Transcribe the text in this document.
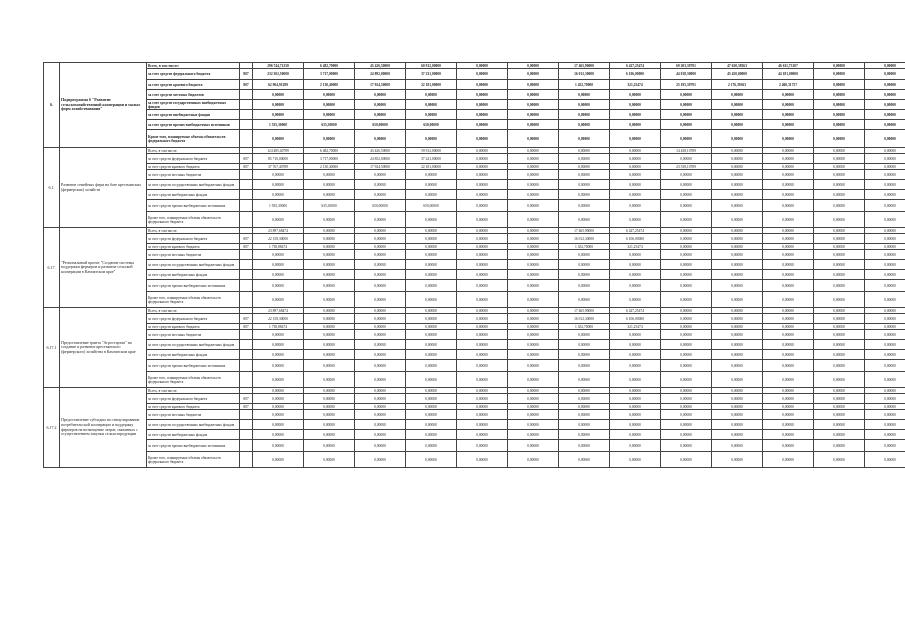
6.	Подпрограмма 6 "Развитие сельскохозяйственной кооперации и малых форм хозяйствования"	Всего, в том числе:		296 744,71250	6 482,70000	45 426,50000	60 912,00000	0,00000	0,00000	17 465,90000	6 427,25474	69 203,39791	47 630,38363	46 611,73107	0,00000	0,00000
		за счет средств федерального бюджета	807	232 302,50000	3 717,00000	24 892,00000	37 231,00000	0,00000	0,00000	16 012,30000	6 106,00000	44 018,30000	45 450,00000	44 181,00000	0,00000	0,00000
		за счет средств краевого бюджета	807	62 904,91289	2 130,40000	17 924,50000	22 181,00000	0,00000	0,00000	1 452,70000	321,25474	25 195,39791	2 176,39363	2 460,31757	0,00000	0,00000
		за счет средств местных бюджетов		0,00000	0,00000	0,00000	0,00000	0,00000	0,00000	0,00000	0,00000	0,00000	0,00000	0,00000	0,00000	0,00000
		за счет средств государственных внебюджетных фондов		0,00000	0,00000	0,00000	0,00000	0,00000	0,00000	0,00000	0,00000	0,00000	0,00000	0,00000	0,00000	0,00000
		за счет средств внебюджетных фондов		0,00000	0,00000	0,00000	0,00000	0,00000	0,00000	0,00000	0,00000	0,00000	0,00000	0,00000	0,00000	0,00000
		за счет средств прочих внебюджетных источников		1 535,30000	635,30000	650,00000	650,00000	0,00000	0,00000	0,00000	0,00000	0,00000	0,00000	0,00000	0,00000	0,00000
		Кроме того, планируемые объемы обязательств федерального бюджета		0,00000	0,00000	0,00000	0,00000	0,00000	0,00000	0,00000	0,00000	0,00000	0,00000	0,00000	0,00000	0,00000
6.1.	Развитие семейных ферм на базе крестьянских (фермерских) хозяйств	Всего, в том числе:		124 485,40789	6 482,70000	43 426,50000	59 912,00000	0,00000	0,00000	0,00000	0,00000	14 438,10789	0,00000	0,00000	0,00000	0,00000
		за счет средств федерального бюджета	807	85 710,00000	3 717,00000	24 852,00000	37 241,00000	0,00000	0,00000	0,00000	0,00000	0,00000	0,00000	0,00000	0,00000	0,00000
		за счет средств краевого бюджета	807	37 767,40789	2 130,40000	17 924,50000	22 181,00000	0,00000	0,00000	0,00000	0,00000	23 538,10789	0,00000	0,00000	0,00000	0,00000
		за счет средств местных бюджетов		0,00000	0,00000	0,00000	0,00000	0,00000	0,00000	0,00000	0,00000	0,00000	0,00000	0,00000	0,00000	0,00000
		за счет средств государственных внебюджетных фондов		0,00000	0,00000	0,00000	0,00000	0,00000	0,00000	0,00000	0,00000	0,00000	0,00000	0,00000	0,00000	0,00000
		за счет средств внебюджетных фондов		0,00000	0,00000	0,00000	0,00000	0,00000	0,00000	0,00000	0,00000	0,00000	0,00000	0,00000	0,00000	0,00000
		за счет средств прочих внебюджетных источников		1 935,30000	635,30000	650,00000	650,00000	0,00000	0,00000	0,00000	0,00000	0,00000	0,00000	0,00000	0,00000	0,00000
		Кроме того, планируемые объемы обязательств федерального бюджета		0,00000	0,00000	0,00000	0,00000	0,00000	0,00000	0,00000	0,00000	0,00000	0,00000	0,00000	0,00000	0,00000
6.17.	"Региональный проект "Создание системы поддержки фермеров и развитие сельской кооперации в Камчатском крае"	Всего, в том числе:		23 897,68474	0,00000	0,00000	0,00000	0,00000	0,00000	17 465,90000	6 427,25474	0,00000	0,00000	0,00000	0,00000	0,00000
		за счет средств федерального бюджета	807	22 158,30000	0,00000	0,00000	0,00000	0,00000	0,00000	16 012,30000	6 106,00000	0,00000	0,00000	0,00000	0,00000	0,00000
		за счет средств краевого бюджета	807	1 738,88474	0,00000	0,00000	0,00000	0,00000	0,00000	1 452,70000	321,25474	0,00000	0,00000	0,00000	0,00000	0,00000
		за счет средств местных бюджетов		0,00000	0,00000	0,00000	0,00000	0,00000	0,00000	0,00000	0,00000	0,00000	0,00000	0,00000	0,00000	0,00000
		за счет средств государственных внебюджетных фондов		0,00000	0,00000	0,00000	0,00000	0,00000	0,00000	0,00000	0,00000	0,00000	0,00000	0,00000	0,00000	0,00000
		за счет средств внебюджетных фондов		0,00000	0,00000	0,00000	0,00000	0,00000	0,00000	0,00000	0,00000	0,00000	0,00000	0,00000	0,00000	0,00000
		за счет средств прочих внебюджетных источников		0,00000	0,00000	0,00000	0,00000	0,00000	0,00000	0,00000	0,00000	0,00000	0,00000	0,00000	0,00000	0,00000
		Кроме того, планируемые объемы обязательств федерального бюджета		0,00000	0,00000	0,00000	0,00000	0,00000	0,00000	0,00000	0,00000	0,00000	0,00000	0,00000	0,00000	0,00000
6.17.1	Предоставление гранта "Агростартап" на создание и развитие крестьянского (фермерского) хозяйства в Камчатском крае	Всего, в том числе:		23 897,68474	0,00000	0,00000	0,00000	0,00000	0,00000	17 465,90000	6 427,25474	0,00000	0,00000	0,00000	0,00000	0,00000
		за счет средств федерального бюджета	807	22 158,30000	0,00000	0,00000	0,00000	0,00000	0,00000	16 012,30000	6 106,00000	0,00000	0,00000	0,00000	0,00000	0,00000
		за счет средств краевого бюджета	807	1 738,88474	0,00000	0,00000	0,00000	0,00000	0,00000	1 452,70000	321,25474	0,00000	0,00000	0,00000	0,00000	0,00000
		за счет средств местных бюджетов		0,00000	0,00000	0,00000	0,00000	0,00000	0,00000	0,00000	0,00000	0,00000	0,00000	0,00000	0,00000	0,00000
		за счет средств государственных внебюджетных фондов		0,00000	0,00000	0,00000	0,00000	0,00000	0,00000	0,00000	0,00000	0,00000	0,00000	0,00000	0,00000	0,00000
		за счет средств внебюджетных фондов		0,00000	0,00000	0,00000	0,00000	0,00000	0,00000	0,00000	0,00000	0,00000	0,00000	0,00000	0,00000	0,00000
		за счет средств прочих внебюджетных источников		0,00000	0,00000	0,00000	0,00000	0,00000	0,00000	0,00000	0,00000	0,00000	0,00000	0,00000	0,00000	0,00000
		Кроме того, планируемые объемы обязательств федерального бюджета		0,00000	0,00000	0,00000	0,00000	0,00000	0,00000	0,00000	0,00000	0,00000	0,00000	0,00000	0,00000	0,00000
6.17.2	Предоставление субсидии на стимулирование потребительской кооперации и поддержку фермеров на возмещение затрат, связанных с осуществлением закупки сельхозпродукции	Всего, в том числе:		0,00000	0,00000	0,00000	0,00000	0,00000	0,00000	0,00000	0,00000	0,00000	0,00000	0,00000	0,00000	0,00000
		за счет средств федерального бюджета	807	0,00000	0,00000	0,00000	0,00000	0,00000	0,00000	0,00000	0,00000	0,00000	0,00000	0,00000	0,00000	0,00000
		за счет средств краевого бюджета	807	0,00000	0,00000	0,00000	0,00000	0,00000	0,00000	0,00000	0,00000	0,00000	0,00000	0,00000	0,00000	0,00000
		за счет средств местных бюджетов		0,00000	0,00000	0,00000	0,00000	0,00000	0,00000	0,00000	0,00000	0,00000	0,00000	0,00000	0,00000	0,00000
		за счет средств государственных внебюджетных фондов		0,00000	0,00000	0,00000	0,00000	0,00000	0,00000	0,00000	0,00000	0,00000	0,00000	0,00000	0,00000	0,00000
		за счет средств внебюджетных фондов		0,00000	0,00000	0,00000	0,00000	0,00000	0,00000	0,00000	0,00000	0,00000	0,00000	0,00000	0,00000	0,00000
		за счет средств прочих внебюджетных источников		0,00000	0,00000	0,00000	0,00000	0,00000	0,00000	0,00000	0,00000	0,00000	0,00000	0,00000	0,00000	0,00000
		Кроме того, планируемые объемы обязательств федерального бюджета		0,00000	0,00000	0,00000	0,00000	0,00000	0,00000	0,00000	0,00000	0,00000	0,00000	0,00000	0,00000	0,00000
